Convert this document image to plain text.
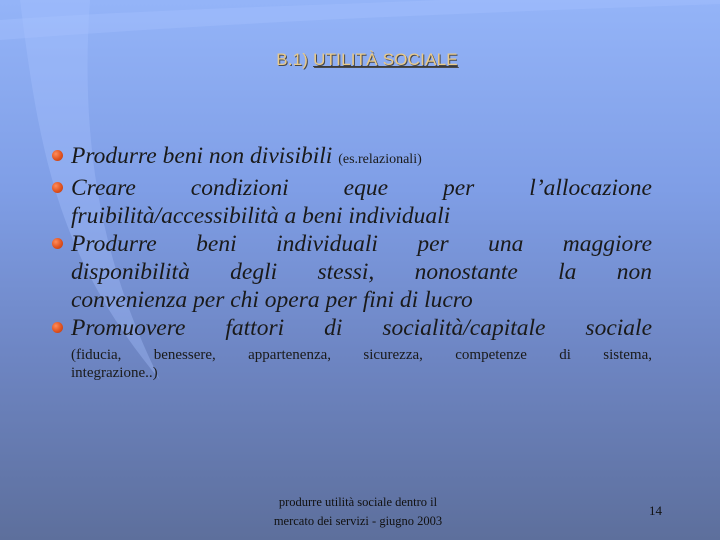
B.1) UTILITÀ SOCIALE
Produrre beni non divisibili (es.relazionali)
Creare condizioni eque per l’allocazione
fruibilità/accessibilità a beni individuali
Produrre beni individuali per una maggiore
disponibilità degli stessi, nonostante la non
convenienza per chi opera per fini di lucro
Promuovere fattori di socialità/capitale sociale
(fiducia, benessere, appartenenza, sicurezza, competenze di sistema,
integrazione..)
produrre utilità sociale dentro il
mercato dei servizi - giugno 2003
14
